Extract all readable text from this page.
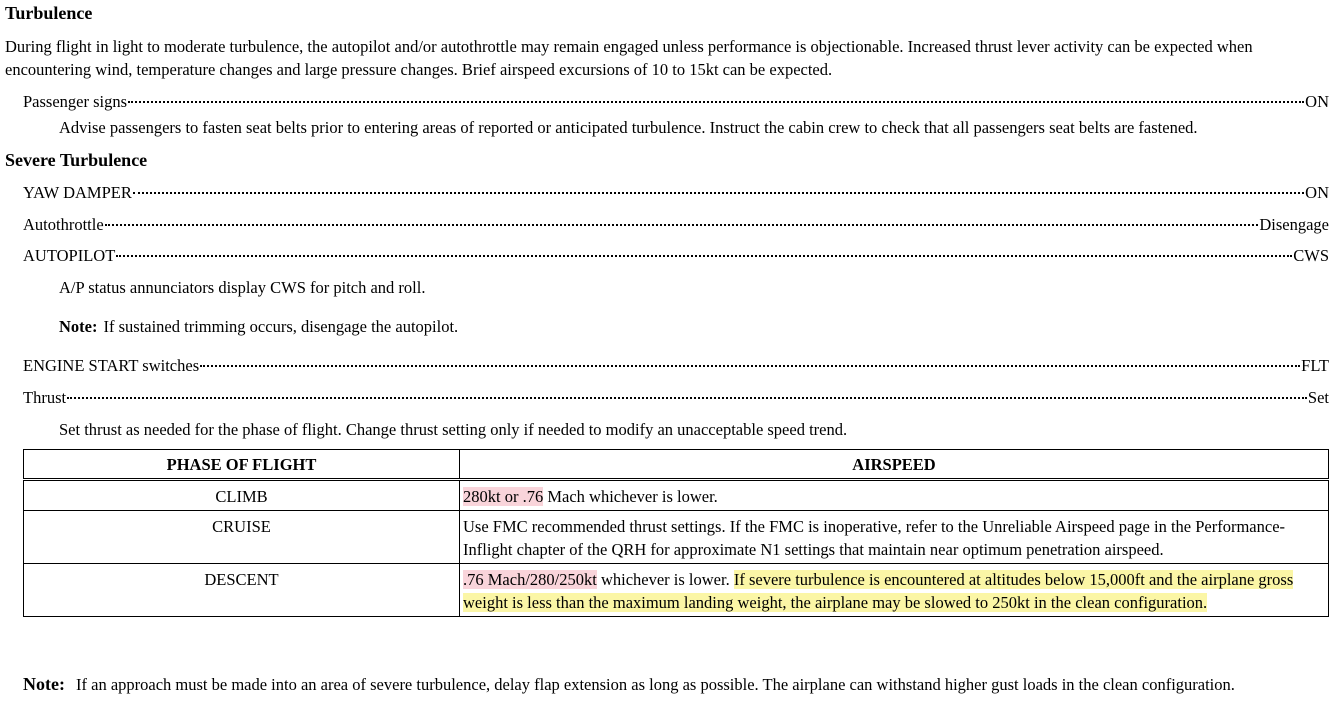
Turbulence
During flight in light to moderate turbulence, the autopilot and/or autothrottle may remain engaged unless performance is objectionable. Increased thrust lever activity can be expected when encountering wind, temperature changes and large pressure changes. Brief airspeed excursions of 10 to 15kt can be expected.
Passenger signs	ON
Advise passengers to fasten seat belts prior to entering areas of reported or anticipated turbulence. Instruct the cabin crew to check that all passengers seat belts are fastened.
Severe Turbulence
YAW DAMPER	ON
Autothrottle	Disengage
AUTOPILOT	CWS
A/P status annunciators display CWS for pitch and roll.
Note: If sustained trimming occurs, disengage the autopilot.
ENGINE START switches	FLT
Thrust	Set
Set thrust as needed for the phase of flight. Change thrust setting only if needed to modify an unacceptable speed trend.
PHASE OF FLIGHT	AIRSPEED
CLIMB	280kt or .76 Mach whichever is lower.
CRUISE	Use FMC recommended thrust settings. If the FMC is inoperative, refer to the Unreliable Airspeed page in the Performance-Inflight chapter of the QRH for approximate N1 settings that maintain near optimum penetration airspeed.
DESCENT	.76 Mach/280/250kt whichever is lower. If severe turbulence is encountered at altitudes below 15,000ft and the airplane gross weight is less than the maximum landing weight, the airplane may be slowed to 250kt in the clean configuration.
Note: If an approach must be made into an area of severe turbulence, delay flap extension as long as possible. The airplane can withstand higher gust loads in the clean configuration.
